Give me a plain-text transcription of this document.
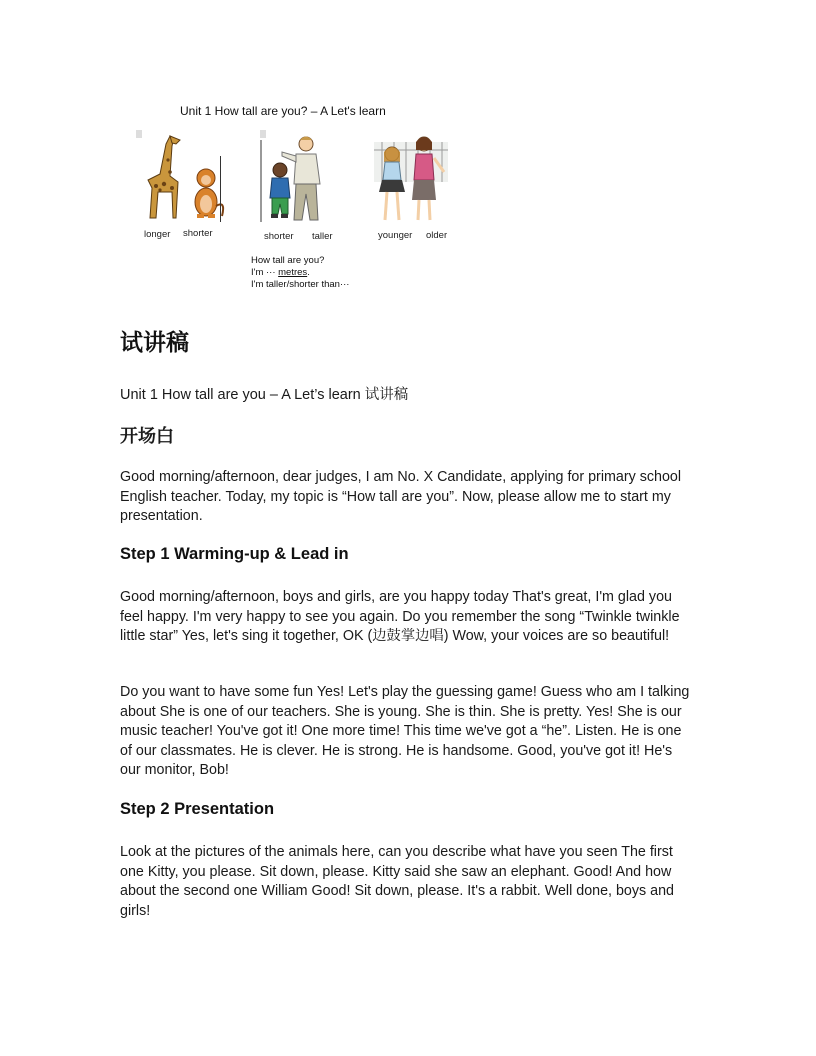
Unit 1 How tall are you? – A Let's learn
longer shorter	shorter taller	younger older
How tall are you?
I'm ··· metres.
I'm taller/shorter than···
试讲稿

Unit 1 How tall are you – A Let’s learn 试讲稿

开场白

Good morning/afternoon, dear judges, I am No. X Candidate, applying for primary school English teacher. Today, my topic is “How tall are you”. Now, please allow me to start my presentation.

Step 1 Warming-up & Lead in

Good morning/afternoon, boys and girls, are you happy today That's great, I'm glad you feel happy. I'm very happy to see you again. Do you remember the song “Twinkle twinkle little star” Yes, let's sing it together, OK (边鼓掌边唱) Wow, your voices are so beautiful!

Do you want to have some fun Yes! Let's play the guessing game! Guess who am I talking about She is one of our teachers. She is young. She is thin. She is pretty. Yes! She is our music teacher! You've got it! One more time! This time we've got a “he”. Listen. He is one of our classmates. He is clever. He is strong. He is handsome. Good, you've got it! He's our monitor, Bob!

Step 2 Presentation

Look at the pictures of the animals here, can you describe what have you seen The first one Kitty, you please. Sit down, please. Kitty said she saw an elephant. Good! And how about the second one William Good! Sit down, please. It's a rabbit. Well done, boys and girls!
